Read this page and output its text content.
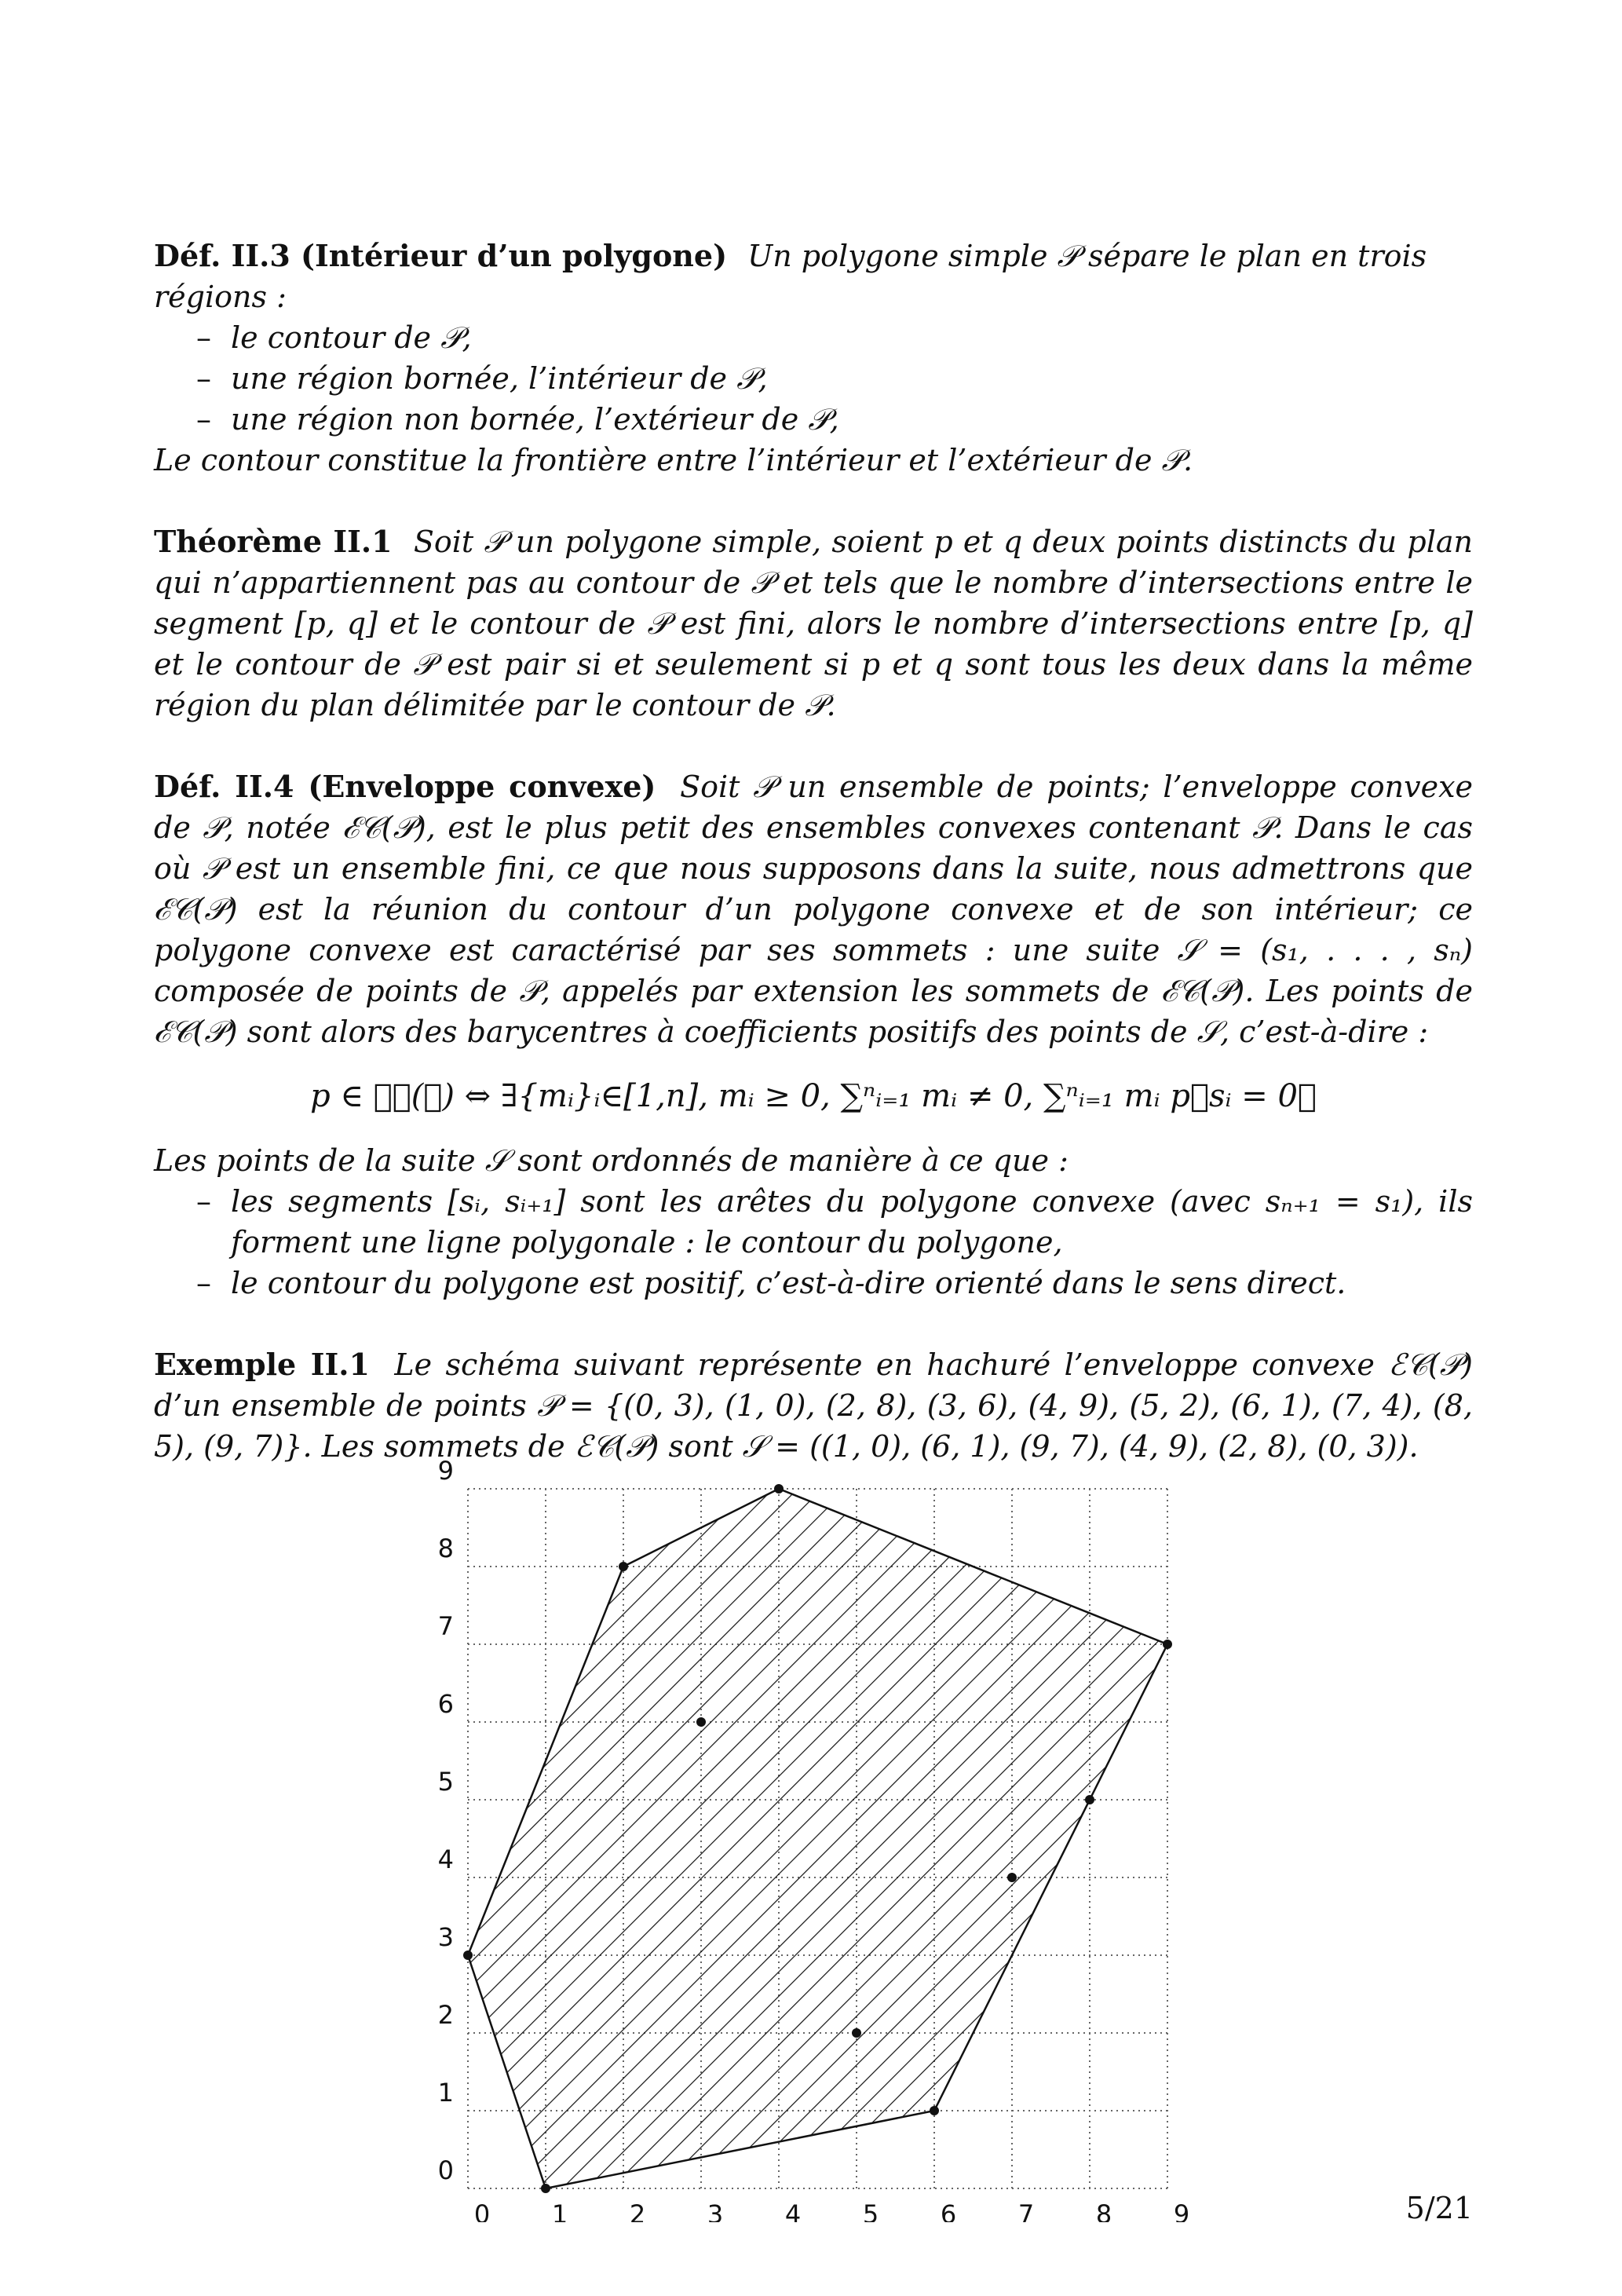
Déf. II.3 (Intérieur d’un polygone) Un polygone simple 𝒫 sépare le plan en trois régions :
– le contour de 𝒫,
– une région bornée, l’intérieur de 𝒫,
– une région non bornée, l’extérieur de 𝒫,
Le contour constitue la frontière entre l’intérieur et l’extérieur de 𝒫.
Théorème II.1 Soit 𝒫 un polygone simple, soient p et q deux points distincts du plan qui n’appartiennent pas au contour de 𝒫 et tels que le nombre d’intersections entre le segment [p, q] et le contour de 𝒫 est fini, alors le nombre d’intersections entre [p, q] et le contour de 𝒫 est pair si et seulement si p et q sont tous les deux dans la même région du plan délimitée par le contour de 𝒫.
Déf. II.4 (Enveloppe convexe) Soit 𝒫 un ensemble de points; l’enveloppe convexe de 𝒫, notée ℰ𝒞(𝒫), est le plus petit des ensembles convexes contenant 𝒫. Dans le cas où 𝒫 est un ensemble fini, ce que nous supposons dans la suite, nous admettrons que ℰ𝒞(𝒫) est la réunion du contour d’un polygone convexe et de son intérieur; ce polygone convexe est caractérisé par ses sommets : une suite 𝒮 = (s₁, . . . , sₙ) composée de points de 𝒫, appelés par extension les sommets de ℰ𝒞(𝒫). Les points de ℰ𝒞(𝒫) sont alors des barycentres à coefficients positifs des points de 𝒮, c’est-à-dire :
p ∈ ℰ𝒞(𝒫) ⇔ ∃{mᵢ}ᵢ∈[1,n], mᵢ ≥ 0, ∑ⁿᵢ₌₁ mᵢ ≠ 0, ∑ⁿᵢ₌₁ mᵢ p⃗sᵢ = 0⃗
Les points de la suite 𝒮 sont ordonnés de manière à ce que :
– les segments [sᵢ, sᵢ₊₁] sont les arêtes du polygone convexe (avec sₙ₊₁ = s₁), ils forment une ligne polygonale : le contour du polygone,
– le contour du polygone est positif, c’est-à-dire orienté dans le sens direct.
Exemple II.1 Le schéma suivant représente en hachuré l’enveloppe convexe ℰ𝒞(𝒫) d’un ensemble de points 𝒫 = {(0, 3), (1, 0), (2, 8), (3, 6), (4, 9), (5, 2), (6, 1), (7, 4), (8, 5), (9, 7)}. Les sommets de ℰ𝒞(𝒫) sont 𝒮 = ((1, 0), (6, 1), (9, 7), (4, 9), (2, 8), (0, 3)).
0 1 2 3 4 5 6 7 8 9
0
1
2
3
4
5
6
7
8
9
5/21
